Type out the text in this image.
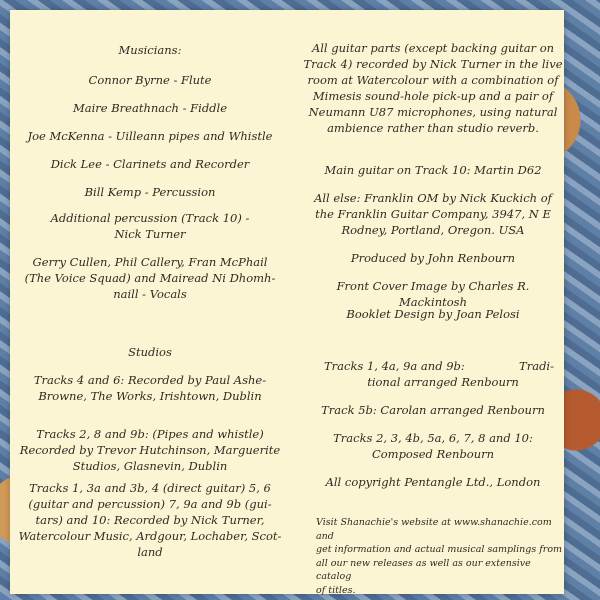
Musicians:

Connor Byrne - Flute

Maire Breathnach - Fiddle

Joe McKenna - Uilleann pipes and Whistle

Dick Lee - Clarinets and Recorder

Bill Kemp - Percussion

Additional percussion (Track 10) -
Nick Turner

Gerry Cullen, Phil Callery, Fran McPhail
(The Voice Squad) and Mairead Ni Dhomh-
naill - Vocals

Studios

Tracks 4 and 6: Recorded by Paul Ashe-
Browne, The Works, Irishtown, Dublin

Tracks 2, 8 and 9b: (Pipes and whistle)
Recorded by Trevor Hutchinson, Marguerite
Studios, Glasnevin, Dublin

Tracks 1, 3a and 3b, 4 (direct guitar) 5, 6
(guitar and percussion) 7, 9a and 9b (gui-
tars) and 10: Recorded by Nick Turner,
Watercolour Music, Ardgour, Lochaber, Scot-
land

All guitar parts (except backing guitar on
Track 4) recorded by Nick Turner in the live
room at Watercolour with a combination of
Mimesis sound-hole pick-up and a pair of
Neumann U87 microphones, using natural
ambience rather than studio reverb.

Main guitar on Track 10: Martin D62

All else: Franklin OM by Nick Kuckich of
the Franklin Guitar Company, 3947, N E
Rodney, Portland, Oregon. USA

Produced by John Renbourn

Front Cover Image by Charles R. Mackintosh

Booklet Design by Joan Pelosi

Tracks 1, 4a, 9a and 9b:	Tradi-

tional arranged Renbourn

Track 5b: Carolan arranged Renbourn

Tracks 2, 3, 4b, 5a, 6, 7, 8 and 10:
Composed Renbourn

All copyright Pentangle Ltd., London

Visit Shanachie's website at www.shanachie.com and
get information and actual musical samplings from
all our new releases as well as our extensive catalog
of titles.
